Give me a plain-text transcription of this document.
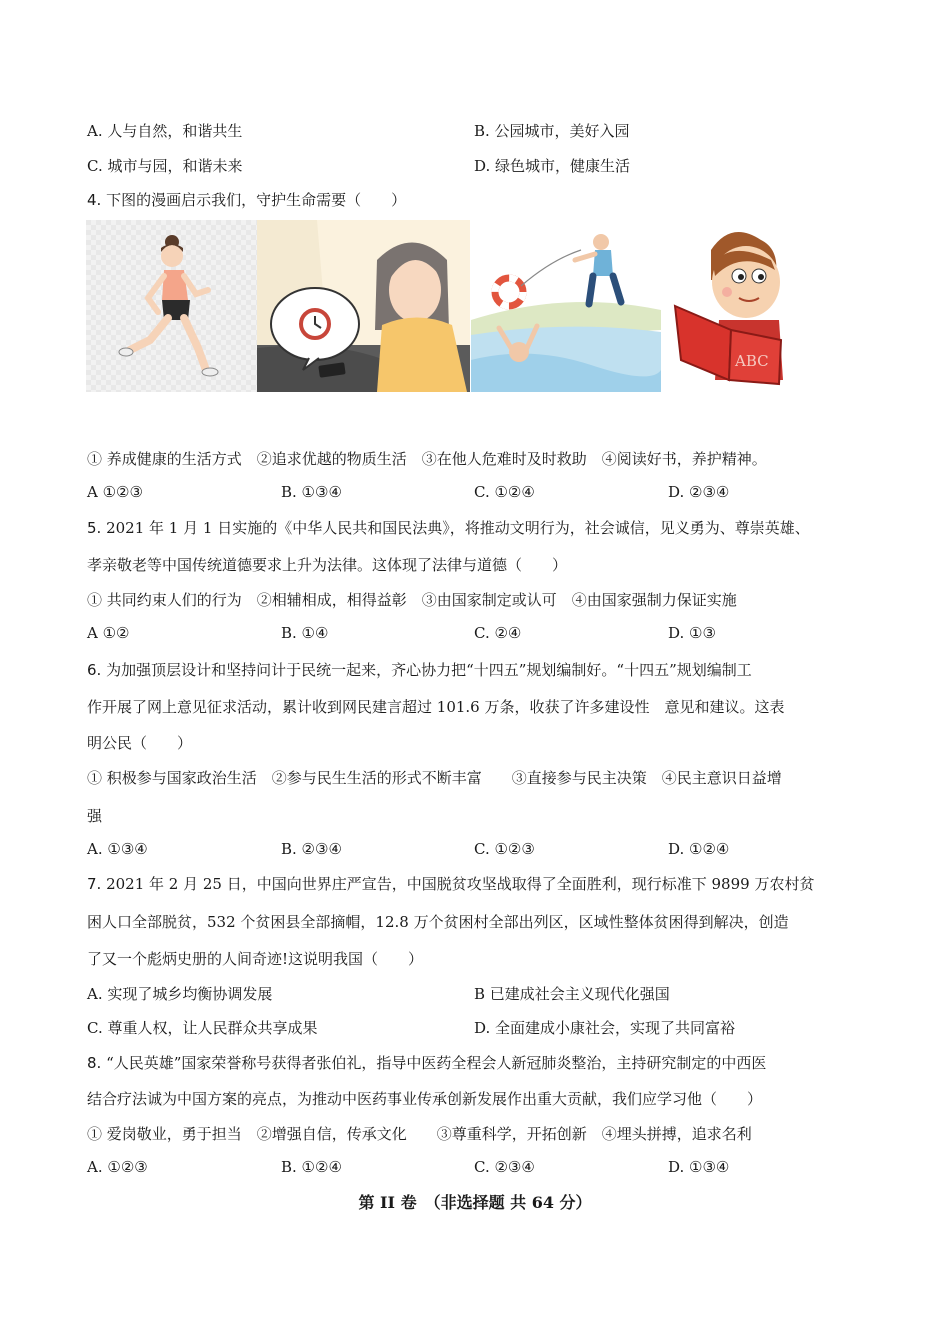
A. 人与自然，和谐共生	B. 公园城市，美好入园
C. 城市与园，和谐未来	D. 绿色城市，健康生活
4. 下图的漫画启示我们，守护生命需要（　　）
ABC
① 养成健康的生活方式　②追求优越的物质生活　③在他人危难时及时救助　④阅读好书，养护精神。
A ①②③	B. ①③④	C. ①②④	D. ②③④
5. 2021 年 1 月 1 日实施的《中华人民共和国民法典》，将推动文明行为，社会诚信，见义勇为、尊崇英雄、
孝亲敬老等中国传统道德要求上升为法律。这体现了法律与道德（　　）
① 共同约束人们的行为　②相辅相成，相得益彰　③由国家制定或认可　④由国家强制力保证实施
A ①②	B. ①④	C. ②④	D. ①③
6. 为加强顶层设计和坚持问计于民统一起来，齐心协力把“十四五”规划编制好。“十四五”规划编制工
作开展了网上意见征求活动，累计收到网民建言超过 101.6 万条，收获了许多建设性　意见和建议。这表
明公民（　　）
① 积极参与国家政治生活　②参与民生生活的形式不断丰富　　③直接参与民主决策　④民主意识日益增
强
A. ①③④	B. ②③④	C. ①②③	D. ①②④
7. 2021 年 2 月 25 日，中国向世界庄严宣告，中国脱贫攻坚战取得了全面胜利，现行标准下 9899 万农村贫
困人口全部脱贫，532 个贫困县全部摘帽，12.8 万个贫困村全部出列区，区域性整体贫困得到解决，创造
了又一个彪炳史册的人间奇迹!这说明我国（　　）
A. 实现了城乡均衡协调发展	B 已建成社会主义现代化强国
C. 尊重人权，让人民群众共享成果	D. 全面建成小康社会，实现了共同富裕
8. “人民英雄”国家荣誉称号获得者张伯礼，指导中医药全程会人新冠肺炎整治，主持研究制定的中西医
结合疗法诚为中国方案的亮点，为推动中医药事业传承创新发展作出重大贡献，我们应学习他（　　）
① 爱岗敬业，勇于担当　②增强自信，传承文化　　③尊重科学，开拓创新　④埋头拼搏，追求名利
A. ①②③	B. ①②④	C. ②③④	D. ①③④
第 II 卷　（非选择题 共 64 分）
